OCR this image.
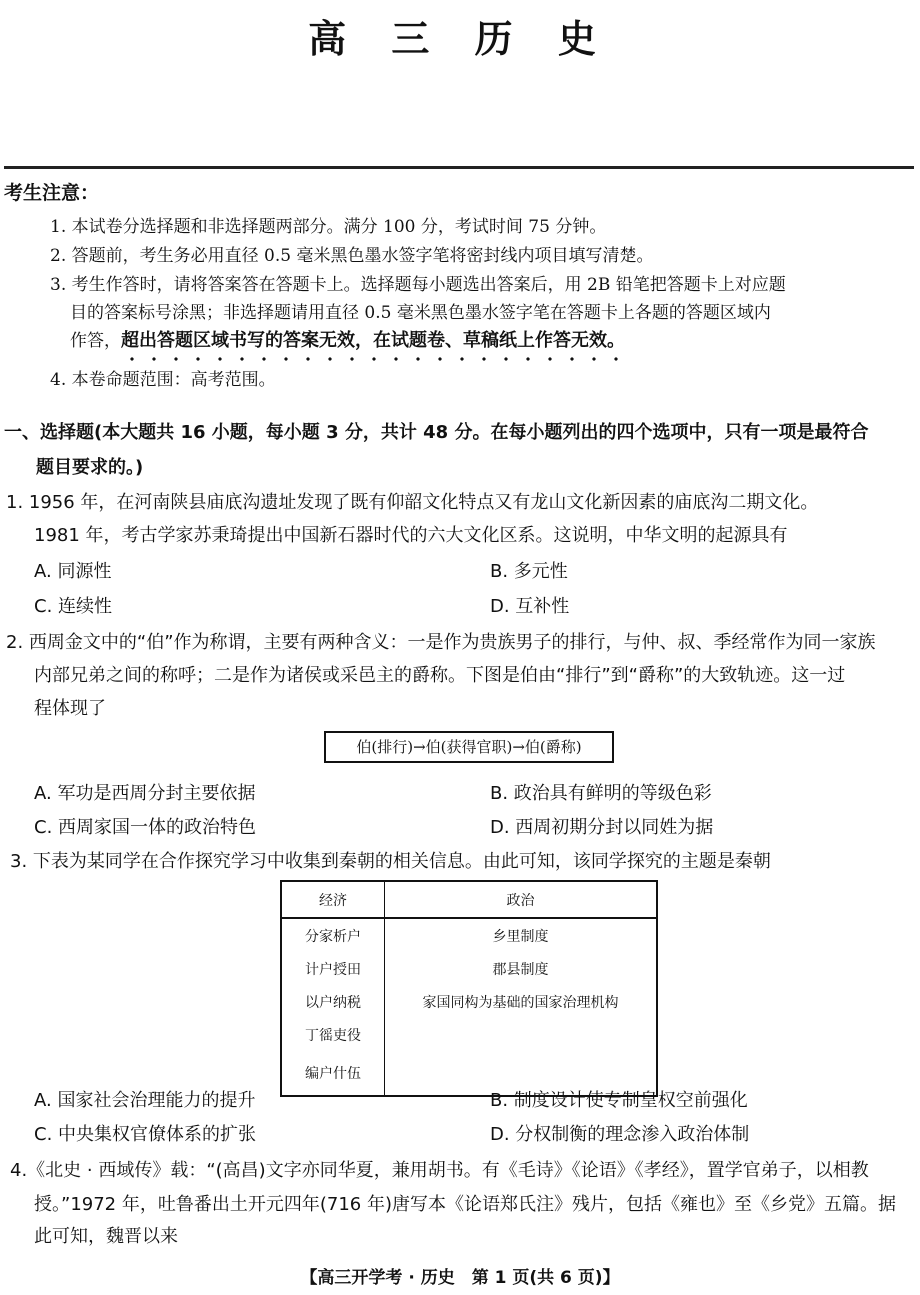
高 三 历 史
考生注意：
1. 本试卷分选择题和非选择题两部分。满分 100 分，考试时间 75 分钟。
2. 答题前，考生务必用直径 0.5 毫米黑色墨水签字笔将密封线内项目填写清楚。
3. 考生作答时，请将答案答在答题卡上。选择题每小题选出答案后，用 2B 铅笔把答题卡上对应题
目的答案标号涂黑；非选择题请用直径 0.5 毫米黑色墨水签字笔在答题卡上各题的答题区域内
作答，超出答题区域书写的答案无效，在试题卷、草稿纸上作答无效。
4. 本卷命题范围：高考范围。
一、选择题(本大题共 16 小题，每小题 3 分，共计 48 分。在每小题列出的四个选项中，只有一项是最符合
题目要求的。)
1. 1956 年，在河南陕县庙底沟遗址发现了既有仰韶文化特点又有龙山文化新因素的庙底沟二期文化。
1981 年，考古学家苏秉琦提出中国新石器时代的六大文化区系。这说明，中华文明的起源具有
A. 同源性	B. 多元性
C. 连续性	D. 互补性
2. 西周金文中的“伯”作为称谓，主要有两种含义：一是作为贵族男子的排行，与仲、叔、季经常作为同一家族
内部兄弟之间的称呼；二是作为诸侯或采邑主的爵称。下图是伯由“排行”到“爵称”的大致轨迹。这一过
程体现了
伯(排行)→伯(获得官职)→伯(爵称)
A. 军功是西周分封主要依据	B. 政治具有鲜明的等级色彩
C. 西周家国一体的政治特色	D. 西周初期分封以同姓为据
3. 下表为某同学在合作探究学习中收集到秦朝的相关信息。由此可知，该同学探究的主题是秦朝
经济	政治
分家析户	乡里制度
计户授田	郡县制度
以户纳税	家国同构为基础的国家治理机构
丁徭吏役	
编户什伍	
A. 国家社会治理能力的提升	B. 制度设计使专制皇权空前强化
C. 中央集权官僚体系的扩张	D. 分权制衡的理念渗入政治体制
4.《北史 · 西域传》载：“(高昌)文字亦同华夏，兼用胡书。有《毛诗》《论语》《孝经》，置学官弟子，以相教
授。”1972 年，吐鲁番出土开元四年(716 年)唐写本《论语郑氏注》残片，包括《雍也》至《乡党》五篇。据
此可知，魏晋以来
【高三开学考 · 历史　第 1 页(共 6 页)】
